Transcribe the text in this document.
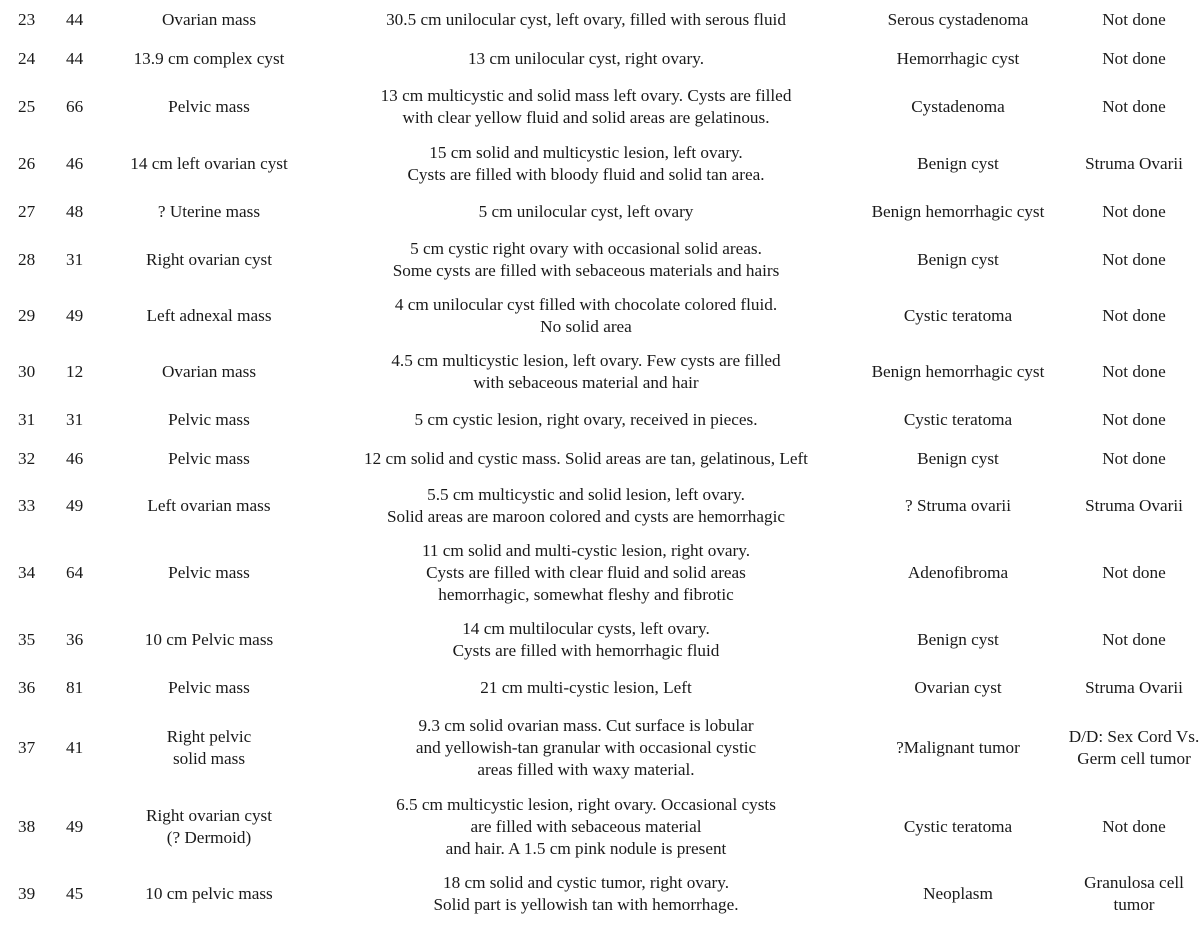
23	44	Ovarian mass	30.5 cm unilocular cyst, left ovary, filled with serous fluid	Serous cystadenoma	Not done

24	44	13.9 cm complex cyst	13 cm unilocular cyst, right ovary.	Hemorrhagic cyst	Not done

25	66	Pelvic mass	13 cm multicystic and solid mass left ovary. Cysts are filled
with clear yellow fluid and solid areas are gelatinous.	Cystadenoma	Not done

26	46	14 cm left ovarian cyst	15 cm solid and multicystic lesion, left ovary.
Cysts are filled with bloody fluid and solid tan area.	Benign cyst	Struma Ovarii

27	48	? Uterine mass	5 cm unilocular cyst, left ovary	Benign hemorrhagic cyst	Not done

28	31	Right ovarian cyst	5 cm cystic right ovary with occasional solid areas.
Some cysts are filled with sebaceous materials and hairs	Benign cyst	Not done

29	49	Left adnexal mass	4 cm unilocular cyst filled with chocolate colored fluid.
No solid area	Cystic teratoma	Not done

30	12	Ovarian mass	4.5 cm multicystic lesion, left ovary. Few cysts are filled
with sebaceous material and hair	Benign hemorrhagic cyst	Not done

31	31	Pelvic mass	5 cm cystic lesion, right ovary, received in pieces.	Cystic teratoma	Not done

32	46	Pelvic mass	12 cm solid and cystic mass. Solid areas are tan, gelatinous, Left	Benign cyst	Not done

33	49	Left ovarian mass	5.5 cm multicystic and solid lesion, left ovary.
Solid areas are maroon colored and cysts are hemorrhagic	? Struma ovarii	Struma Ovarii

34	64	Pelvic mass	11 cm solid and multi-cystic lesion, right ovary.
Cysts are filled with clear fluid and solid areas
hemorrhagic, somewhat fleshy and fibrotic	Adenofibroma	Not done

35	36	10 cm Pelvic mass	14 cm multilocular cysts, left ovary.
Cysts are filled with hemorrhagic fluid	Benign cyst	Not done

36	81	Pelvic mass	21 cm multi-cystic lesion, Left	Ovarian cyst	Struma Ovarii

37	41	Right pelvic
solid mass	9.3 cm solid ovarian mass. Cut surface is lobular
and yellowish-tan granular with occasional cystic
areas filled with waxy material.	?Malignant tumor	D/D: Sex Cord Vs.
Germ cell tumor

38	49	Right ovarian cyst
(? Dermoid)	6.5 cm multicystic lesion, right ovary. Occasional cysts
are filled with sebaceous material
and hair. A 1.5 cm pink nodule is present	Cystic teratoma	Not done

39	45	10 cm pelvic mass	18 cm solid and cystic tumor, right ovary.
Solid part is yellowish tan with hemorrhage.	Neoplasm	Granulosa cell
tumor
